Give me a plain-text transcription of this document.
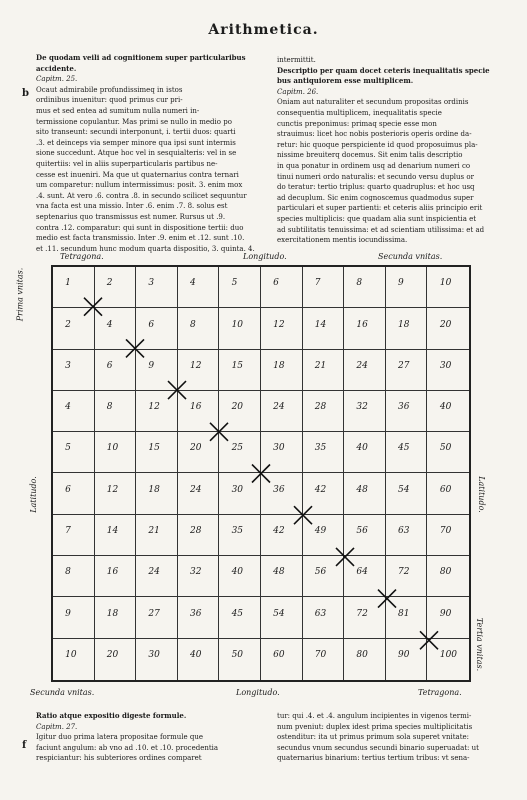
Arithmetica.

De quodam veili ad cognitionem super particularibus accidente.

Capitm. 25.

Ocaut admirabile profundissimeq in istos

ordinibus inuenitur: quod primus cur pri-

mus et sed entea ad sumitum nulla numeri in-

termissione copulantur. Mas primi se nullo in medio po

sito transeunt: secundi interponunt, i. tertii duos: quarti

.3. et deinceps via semper minore qua ipsi sunt intermis

sione succedunt. Atque hoc vel in sesquialteris: vel in se

quitertiis: vel in aliis superparticularis partibus ne-

cesse est inueniri. Ma que ut quaternarius contra ternari

um comparetur: nullum intermissimus: posit. 3. enim mox

.4. sunt. At vero .6. contra .8. in secundo scilicet sequuntur

vna facta est una missio. Inter .6. enim .7. 8. solus est

septenarius quo transmissus est numer. Rursus ut .9.

contra .12. comparatur: qui sunt in dispositione tertii: duo

medio est facta transmissio. Inter .9. enim et .12. sunt .10.

et .11. secundum hunc modum quarta dispositio, 3. quinta. 4.

b

intermittit.

Descriptio per quam docet ceteris inequalitatis specie bus antiquiorem esse multiplicem.

Capitm. 26.

Oniam aut naturaliter et secundum propositas ordinis

consequentia multiplicem, inequalitatis specie

cunctis preponimus: primaq specie esse mon

strauimus: licet hoc nobis posterioris operis ordine da-

retur: hic quoque perspiciente id quod proposuimus pla-

nissime breuiterq docemus. Sit enim talis descriptio

in qua ponatur in ordinem usq ad denarium numeri co

tinui numeri ordo naturalis: et secundo versu duplus or

do teratur: tertio triplus: quarto quadruplus: et hoc usq

ad decuplum. Sic enim cognoscemus quadmodus super

particulari et super partienti: et ceteris aliis principio erit

species multiplicis: que quadam alia sunt inspicientia et

ad subtilitatis tenuissima: et ad scientiam utilissima: et ad

exercitationem mentis iocundissima.

Tetragona.	Longitudo.	Secunda vnitas.
Secunda vnitas.	Longitudo.	Tetragona.
Prima vnitas.
Latitudo.	Latitudo.
Tertia vnitas.
1	2	3	4	5	6	7	8	9	10
2	4	6	8	10	12	14	16	18	20
3	6	9	12	15	18	21	24	27	30
4	8	12	16	20	24	28	32	36	40
5	10	15	20	25	30	35	40	45	50
6	12	18	24	30	36	42	48	54	60
7	14	21	28	35	42	49	56	63	70
8	16	24	32	40	48	56	64	72	80
9	18	27	36	45	54	63	72	81	90
10	20	30	40	50	60	70	80	90	100

Ratio atque expositio digeste formule.

Capitm. 27.

Igitur duo prima latera propositae formule que

faciunt angulum: ab vno ad .10. et .10. procedentia

respiciantur: his subteriores ordines comparet

f

tur: qui .4. et .4. angulum incipientes in vigenos termi-

num pveniut: duplex idest prima species multiplicitatis

ostenditur: ita ut primus primum sola superet vnitate:

secundus vnum secundus secundi binario superuadat: ut

quaternarius binarium: tertius tertium tribus: vt sena-
